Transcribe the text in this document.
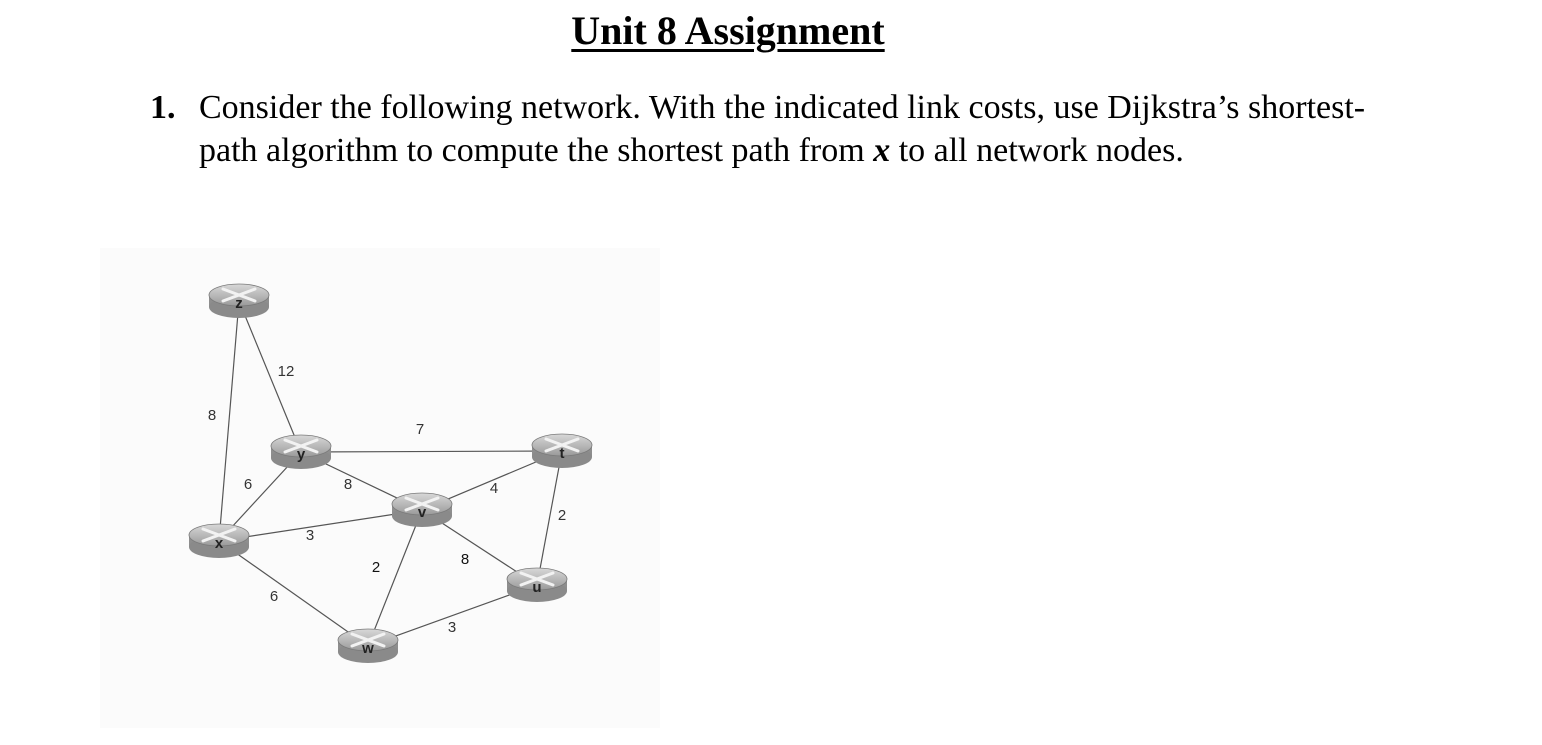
Unit 8 Assignment
1. Consider the following network. With the indicated link costs, use Dijkstra’s shortest-path algorithm to compute the shortest path from x to all network nodes.
8
12
7
6	8
3
6
4
2	8
2
3
z
y
x
v
t
u
w
